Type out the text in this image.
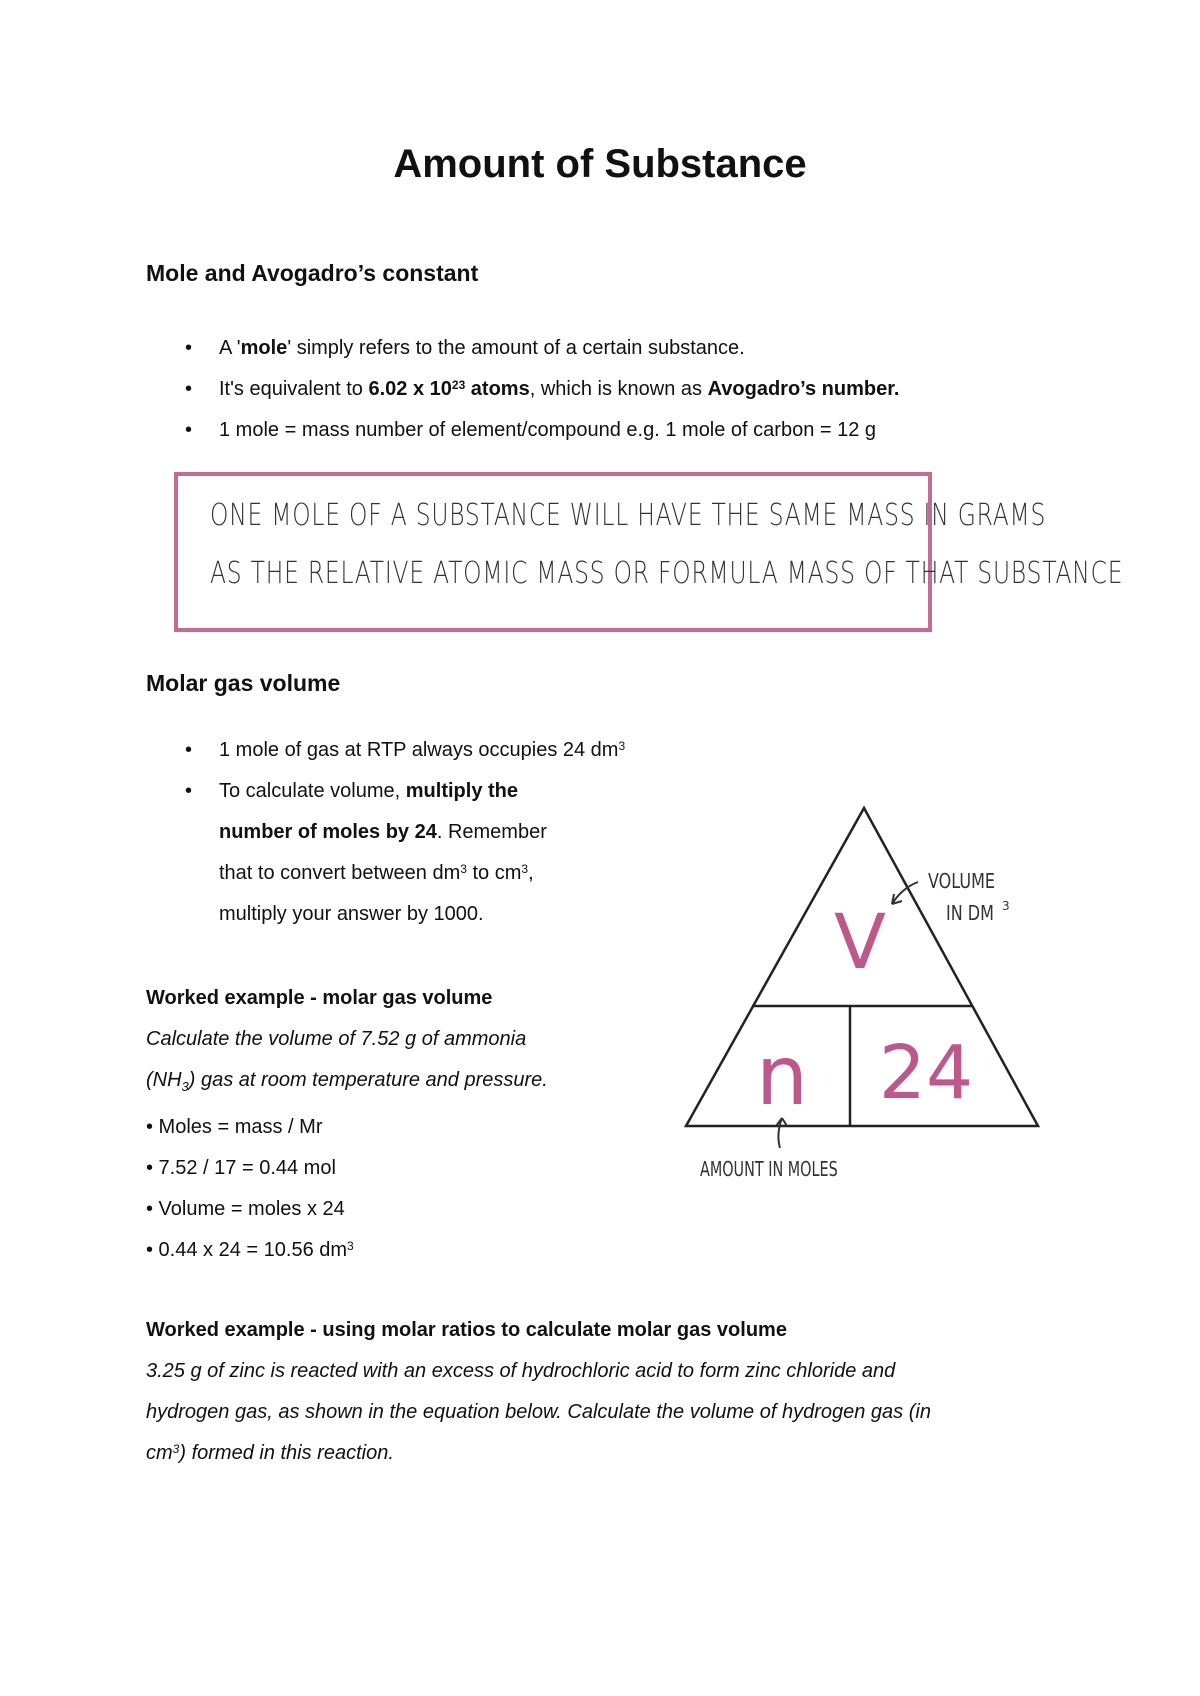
Amount of Substance
Mole and Avogadro’s constant
• A 'mole' simply refers to the amount of a certain substance.
• It's equivalent to 6.02 x $10^{23}$ atoms, which is known as Avogadro’s number.
• 1 mole = mass number of element/compound e.g. 1 mole of carbon = 12 g
ONE MOLE OF A SUBSTANCE WILL HAVE THE SAME MASS IN GRAMS
AS THE RELATIVE ATOMIC MASS OR FORMULA MASS OF THAT SUBSTANCE
Molar gas volume
• 1 mole of gas at RTP always occupies 24 $dm^3$
• To calculate volume, multiply the
number of moles by 24. Remember
that to convert between $dm^3$ to $cm^3$,
multiply your answer by 1000.	V
n 24
VOLUME
IN DM 3
AMOUNT IN MOLES
Worked example - molar gas volume
Calculate the volume of 7.52 g of ammonia
$(NH_3)$ gas at room temperature and pressure.
• Moles = mass / Mr
• 7.52 / 17 = 0.44 mol
• Volume = moles x 24
• 0.44 x 24 = 10.56 $dm^3$
Worked example - using molar ratios to calculate molar gas volume
3.25 g of zinc is reacted with an excess of hydrochloric acid to form zinc chloride and
hydrogen gas, as shown in the equation below. Calculate the volume of hydrogen gas (in
$cm^3$) formed in this reaction.
